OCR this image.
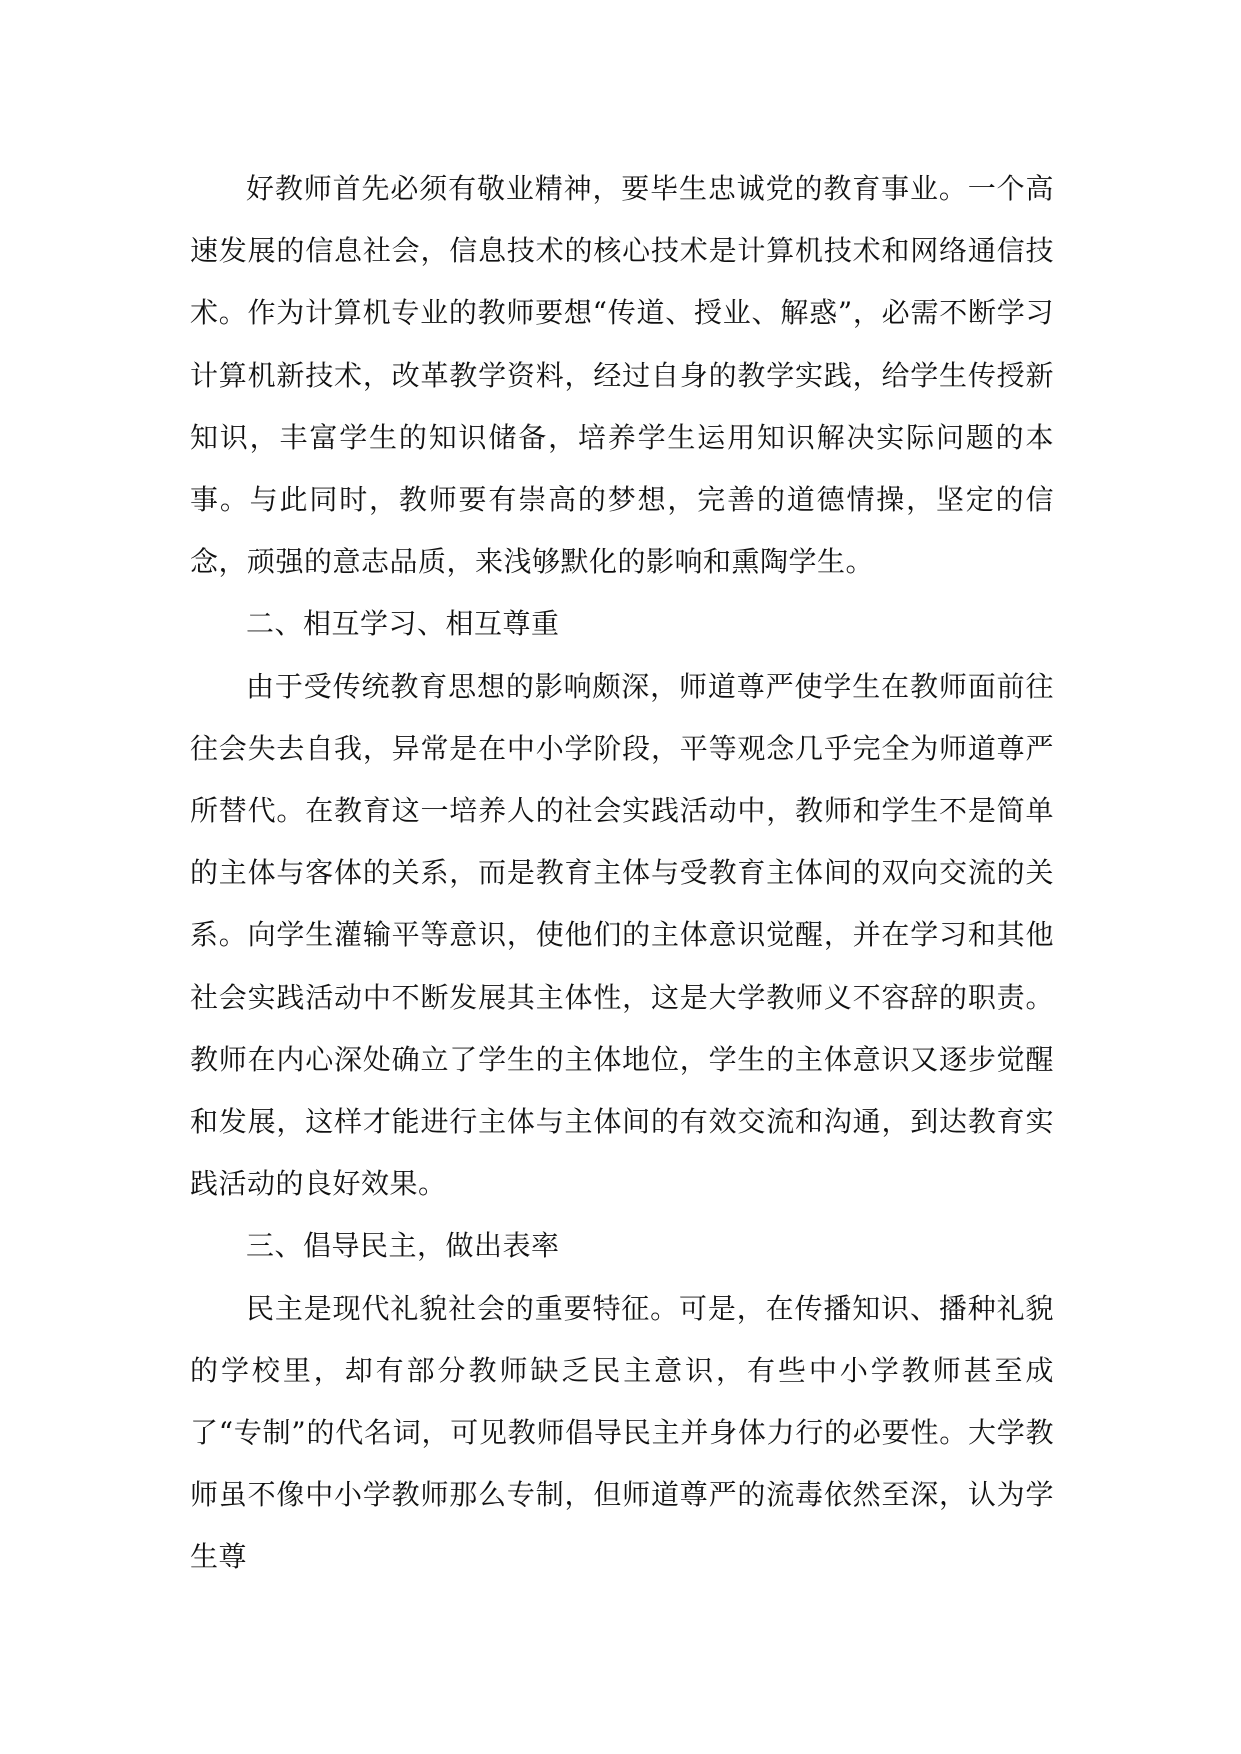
好教师首先必须有敬业精神，要毕生忠诚党的教育事业。一个高速发展的信息社会，信息技术的核心技术是计算机技术和网络通信技术。作为计算机专业的教师要想“传道、授业、解惑”，必需不断学习计算机新技术，改革教学资料，经过自身的教学实践，给学生传授新知识，丰富学生的知识储备，培养学生运用知识解决实际问题的本事。与此同时，教师要有崇高的梦想，完善的道德情操，坚定的信念，顽强的意志品质，来浅够默化的影响和熏陶学生。

二、相互学习、相互尊重

由于受传统教育思想的影响颇深，师道尊严使学生在教师面前往往会失去自我，异常是在中小学阶段，平等观念几乎完全为师道尊严所替代。在教育这一培养人的社会实践活动中，教师和学生不是简单的主体与客体的关系，而是教育主体与受教育主体间的双向交流的关系。向学生灌输平等意识，使他们的主体意识觉醒，并在学习和其他社会实践活动中不断发展其主体性，这是大学教师义不容辞的职责。教师在内心深处确立了学生的主体地位，学生的主体意识又逐步觉醒和发展，这样才能进行主体与主体间的有效交流和沟通，到达教育实践活动的良好效果。

三、倡导民主，做出表率

民主是现代礼貌社会的重要特征。可是，在传播知识、播种礼貌的学校里，却有部分教师缺乏民主意识，有些中小学教师甚至成了“专制”的代名词，可见教师倡导民主并身体力行的必要性。大学教师虽不像中小学教师那么专制，但师道尊严的流毒依然至深，认为学生尊
